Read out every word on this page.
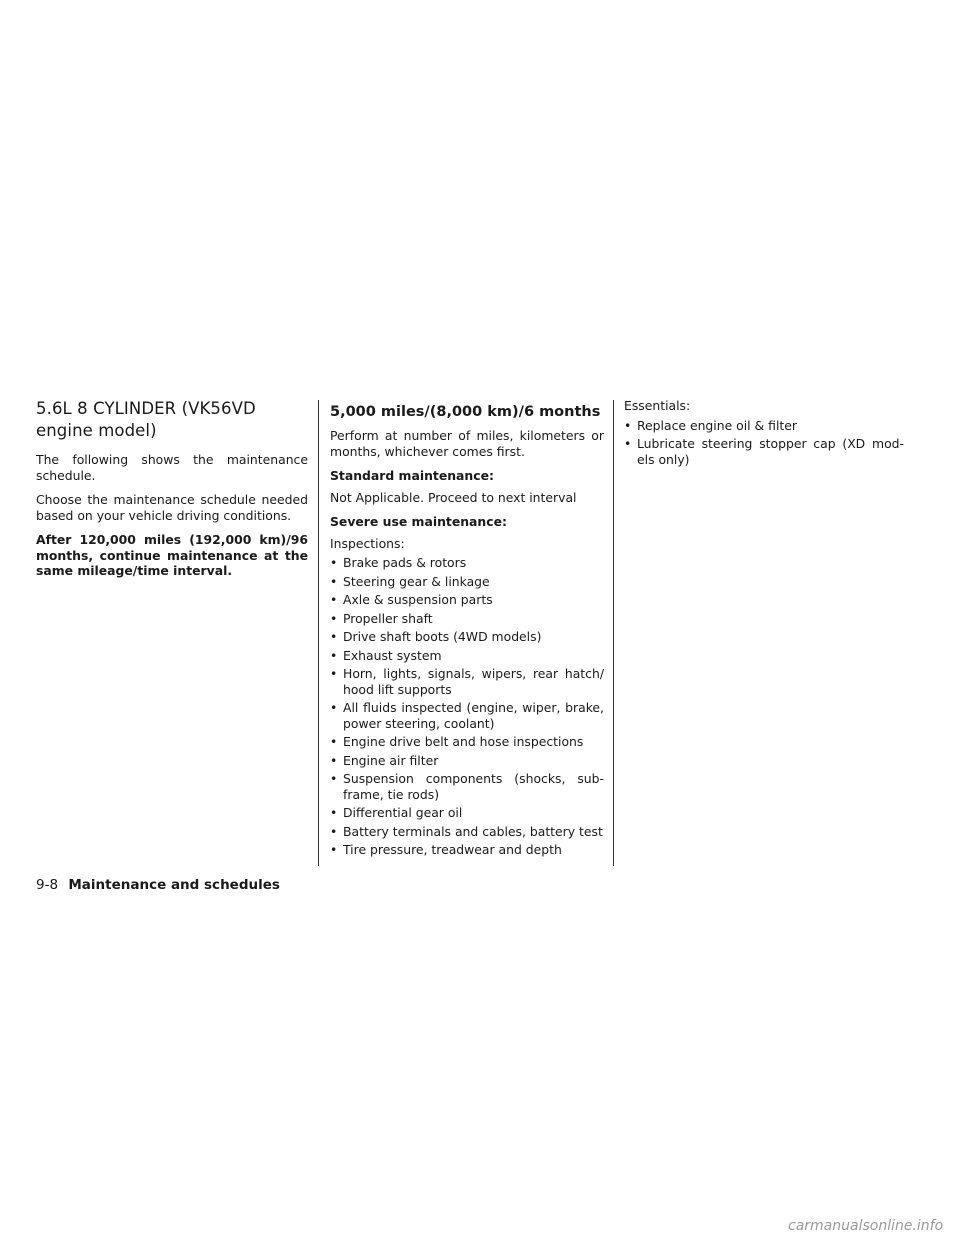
5.6L 8 CYLINDER (VK56VD engine model)

The following shows the maintenance schedule.

Choose the maintenance schedule needed based on your vehicle driving conditions.

After 120,000 miles (192,000 km)/96 months, continue maintenance at the same mileage/time interval.

5,000 miles/(8,000 km)/6 months

Perform at number of miles, kilometers or months, whichever comes first.

Standard maintenance:

Not Applicable. Proceed to next interval

Severe use maintenance:

Inspections:

• Brake pads & rotors
• Steering gear & linkage
• Axle & suspension parts
• Propeller shaft
• Drive shaft boots (4WD models)
• Exhaust system
• Horn, lights, signals, wipers, rear hatch/ hood lift supports
• All fluids inspected (engine, wiper, brake, power steering, coolant)
• Engine drive belt and hose inspections
• Engine air filter
• Suspension components (shocks, sub-frame, tie rods)
• Differential gear oil
• Battery terminals and cables, battery test
• Tire pressure, treadwear and depth

Essentials:

• Replace engine oil & filter
• Lubricate steering stopper cap (XD mod-els only)
9-8 Maintenance and schedules
carmanualsonline.info
